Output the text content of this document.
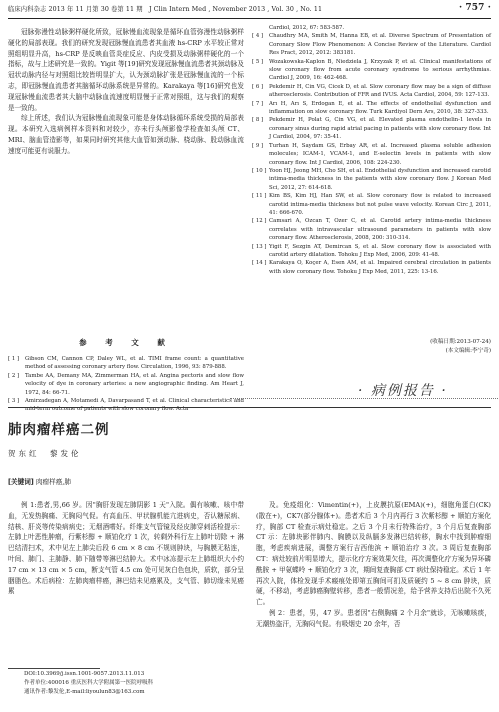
临床内科杂志 2013 年 11 月第 30 卷第 11 期　J Clin Intern Med , November 2013 , Vol. 30 , No. 11	· 757 ·

冠脉弥漫性动脉粥样硬化所致，冠脉慢血流现象是循环血管弥漫性动脉粥样硬化的局部表现。我们的研究发现冠脉慢血流患者其血液 hs-CRP 水平较正常对照组明显升高，hs-CRP 是反映血管炎症反应、内皮受损及动脉粥样硬化的一个指标，故与上述研究是一致的。Yigit 等[19]研究发现冠脉慢血流患者其颈动脉及冠状动脉内径与对照组比较皆明显扩大，认为颈动脉扩张是冠脉慢血流的一个标志，即冠脉慢血流患者其脑循环动脉系统是异常的。Karakaya 等[16]研究也发现冠脉慢血流患者其大脑中动脉血流速度明显慢于正常对照组，这与我们的观察是一致的。

综上所述，我们认为冠脉慢血流现象可能是身体动脉循环系统受损的局部表现。本研究入选病例样本资料和对较少，亦未行头颅影像学检查如头颅 CT、MRI、脑血管造影等，如果同时研究其他大血管如颈动脉、桡动脉、股动脉血流速度可能更有说服力。

参 考 文 献
[ 1 ] Gibson CM, Cannon CP, Daley WL, et al. TIMI frame count: a quantitative method of assessing coronary artery flow. Circulation, 1996, 93: 879-888.
[ 2 ] Tambe AA, Demany MA, Zimmerman HA, et al. Angina pectoris and slow flow velocity of dye in coronary arteries: a new angiographic finding. Am Heart J, 1972, 84: 66-71.
[ 3 ] Amirzadegan A, Motamedi A, Davarpasand T, et al. Clinical characteristics and mid-term outcome of patients with slow coronary flow. Acta
Cardiol, 2012, 67: 583-587.
[ 4 ] Chaudhry MA, Smith M, Hanna EB, et al. Diverse Spectrum of Presentation of Coronary Slow Flow Phenomenon: A Concise Review of the Literature. Cardiol Res Pract, 2012, 2012: 383181.
[ 5 ] Wozakowska-Kaplon B, Niedziela J, Krzyzak P, et al. Clinical manifestations of slow coronary flow from acute coronary syndrome to serious arrhythmias. Cardiol J, 2009, 16: 462-468.
[ 6 ] Pekdemir H, Cin VG, Cicek D, et al. Slow coronary flow may be a sign of diffuse atherosclerosis. Contribution of FFR and IVUS. Acta Cardiol, 2004, 59: 127-133.
[ 7 ] Arı H, Arı S, Erdogan E, et al. The effects of endothelial dysfunction and inflammation on slow coronary flow. Turk Kardiyol Dern Ars, 2010, 38: 327-333.
[ 8 ] Pekdemir H, Polat G, Cin VG, et al. Elevated plasma endothelin-1 levels in coronary sinus during rapid atrial pacing in patients with slow coronary flow. Int J Cardiol, 2004, 97: 35-41.
[ 9 ] Turhan H, Saydam GS, Erbay AR, et al. Increased plasma soluble adhesion molecules; ICAM-1, VCAM-1, and E-selectin levels in patients with slow coronary flow. Int J Cardiol, 2006, 108: 224-230.
[ 10 ] Yoon HJ, Jeong MH, Cho SH, et al. Endothelial dysfunction and increased carotid intima-media thickness in the patients with slow coronary flow. J Korean Med Sci, 2012, 27: 614-618.
[ 11 ] Kim BS, Kim HJ, Han SW, et al. Slow coronary flow is related to increased carotid intima-media thickness but not pulse wave velocity. Korean Circ J, 2011, 41: 666-670.
[ 12 ] Camsari A, Ozcan T, Ozer C, et al. Carotid artery intima-media thickness correlates with intravascular ultrasound parameters in patients with slow coronary flow. Atherosclerosis, 2008, 200: 310-314.
[ 13 ] Yigit F, Sezgin AT, Demircan S, et al. Slow coronary flow is associated with carotid artery dilatation. Tohoku J Exp Med, 2006, 209: 41-48.
[ 14 ] Karakaya O, Koçer A, Esen AM, et al. Impaired cerebral circulation in patients with slow coronary flow. Tohoku J Exp Med, 2011, 225: 13-16.
(收稿日期:2013-07-24)
(本文编辑:李宁奇)
· 病例报告 ·
肺肉瘤样癌二例
贺东红　黎发伦
[关键词] 肉瘤样癌,肺

例 1:患者,男,66 岁。因"胸肝发现左肺阴影 1 天"入院。偶有咳嗽、咳中带血，无发热胸痛、无胸闷气促。有高血压、甲状腺机能亢进病史，否认糖尿病、结核、肝炎等传染病病史；无烟酒嗜好。纤维支气管镜及经皮肺穿刺活检提示：左肺上叶恶性肿瘤，行紫杉醇 + 顺铂化疗 1 次，转剩外科行左上肺叶切除 + 淋巴结清扫术，术中见左上肺尖后段 6 cm × 8 cm 不规则肿块，与胸膜无粘连，叶间、肺门、主肺静、肺下随带等淋巴结肿大。术中冰冻提示左上肺组织大小约 17 cm × 13 cm × 5 cm，断支气管 4.5 cm 处可见灰白色包块，质软，部分呈胭脂色。术后病检：左肺肉瘤样癌，淋巴结未见癌累及，支气管、肺切缘未见癌累

及。免疫组化：Vimentin(+)，上皮膜抗原(EMA)(+)，细胞角蛋白(CK)(散在+)，CK7(部分腺体+)。患者术后 3 个月内再行 3 次紫杉醇 + 顺铂方案化疗，胸部 CT 检查示病灶稳定。之后 3 个月未行特殊治疗，3 个月后复查胸部 CT 示：左肺块影伴肺内、胸膜以及纵膈多发淋巴结转移，胸水中找到肿瘤细胞，考虑疾病进展，调整方案行吉西他滨 + 顺铂治疗 3 次。3 周后复查胸部 CT：病灶较前片明显增大，提示化疗方案效果欠佳，再次调整化疗方案为异环磷酰胺 + 甲氨蝶呤 + 顺铂化疗 3 次，期间复查胸部 CT 病灶保持稳定。术后 1 年再次入院，体检发现手术瘢痕处即第五胸间可扪及质硬约 5 ~ 8 cm 肿块，质硬，不移动，考虑肺癌胸壁转移，患者一般情况差，给予营养支持后出院不久死亡。

例 2：患者，男，47 岁。患者因"右侧胸痛 2 个月余"就诊，无咳嗽咳痰，无潮热盗汗，无胸闷气促。有吸烟史 20 余年，否

DOI:10.3969/j.issn.1001-9057.2013.11.013
作者单位:400016 重庆医科大学附属第一医院呼吸科
通讯作者:黎发伦,E-mail:liyoulun83@163.com
